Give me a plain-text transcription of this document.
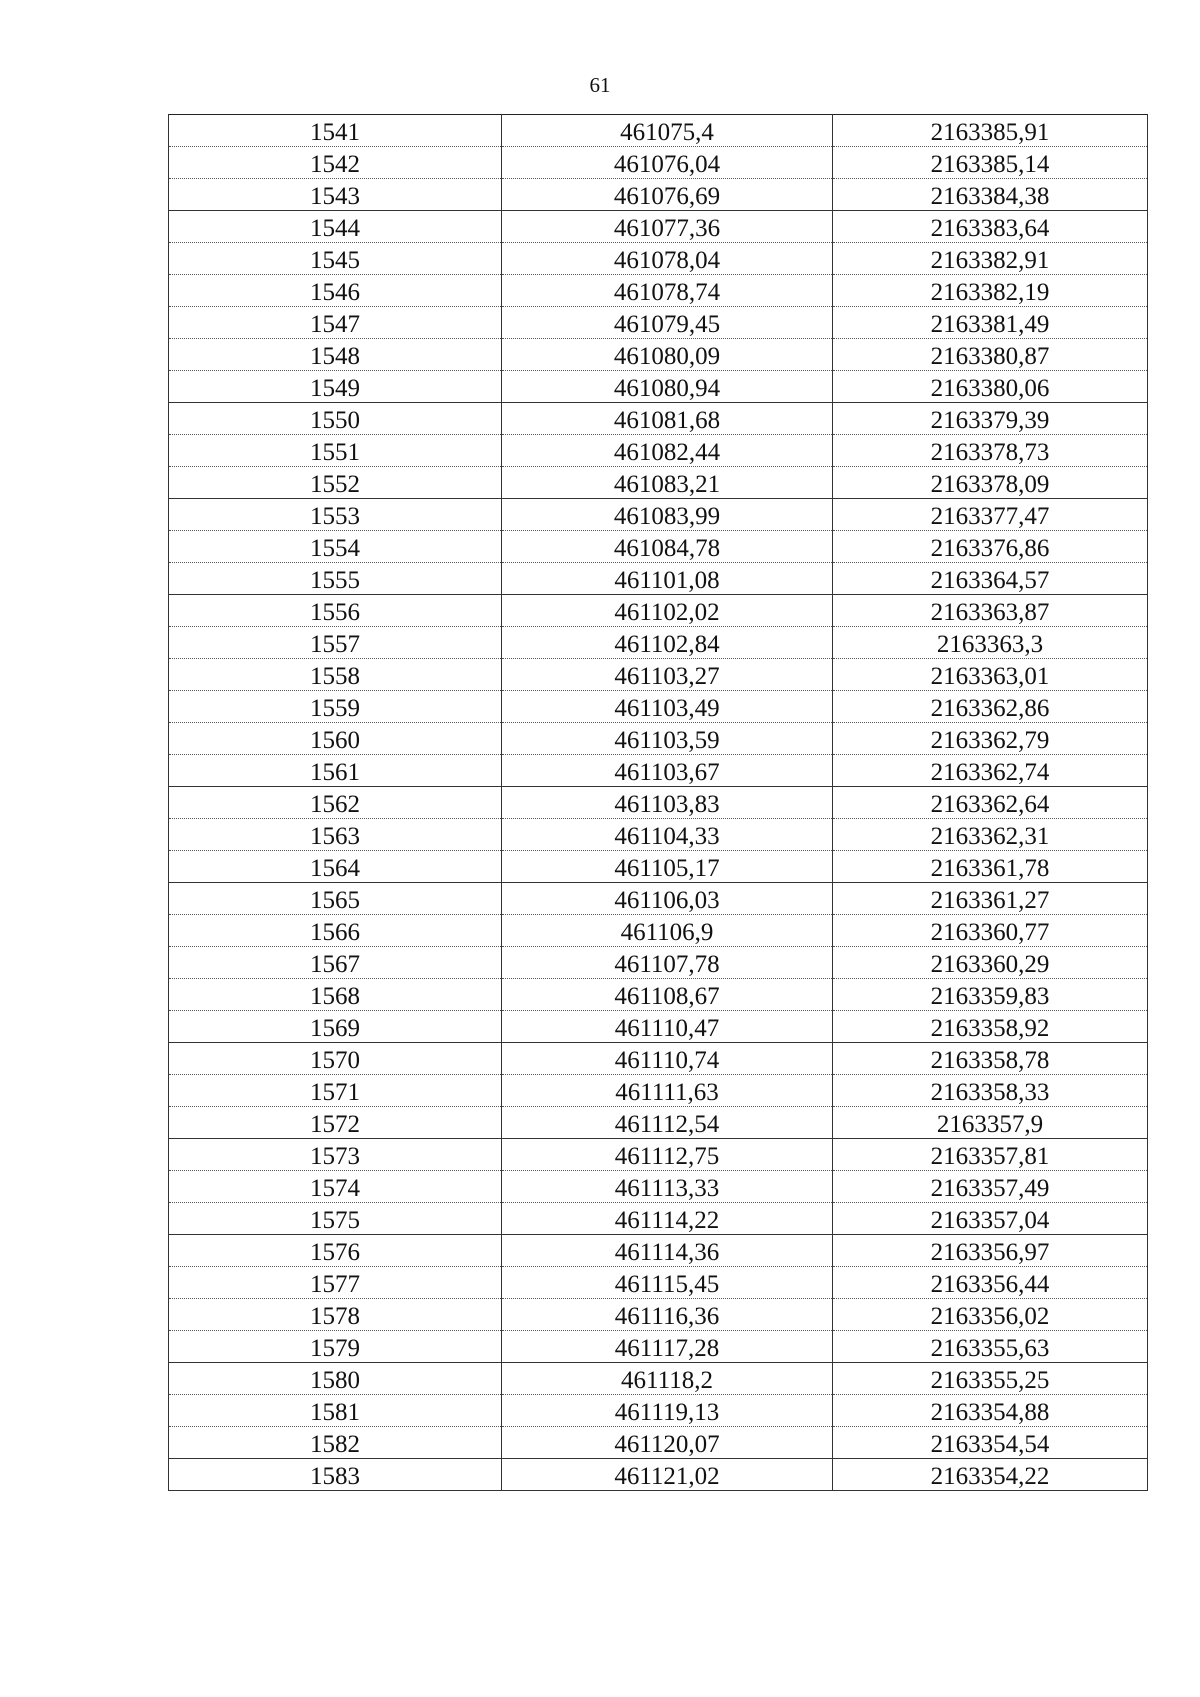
61
1541	461075,4	2163385,91
1542	461076,04	2163385,14
1543	461076,69	2163384,38
1544	461077,36	2163383,64
1545	461078,04	2163382,91
1546	461078,74	2163382,19
1547	461079,45	2163381,49
1548	461080,09	2163380,87
1549	461080,94	2163380,06
1550	461081,68	2163379,39
1551	461082,44	2163378,73
1552	461083,21	2163378,09
1553	461083,99	2163377,47
1554	461084,78	2163376,86
1555	461101,08	2163364,57
1556	461102,02	2163363,87
1557	461102,84	2163363,3
1558	461103,27	2163363,01
1559	461103,49	2163362,86
1560	461103,59	2163362,79
1561	461103,67	2163362,74
1562	461103,83	2163362,64
1563	461104,33	2163362,31
1564	461105,17	2163361,78
1565	461106,03	2163361,27
1566	461106,9	2163360,77
1567	461107,78	2163360,29
1568	461108,67	2163359,83
1569	461110,47	2163358,92
1570	461110,74	2163358,78
1571	461111,63	2163358,33
1572	461112,54	2163357,9
1573	461112,75	2163357,81
1574	461113,33	2163357,49
1575	461114,22	2163357,04
1576	461114,36	2163356,97
1577	461115,45	2163356,44
1578	461116,36	2163356,02
1579	461117,28	2163355,63
1580	461118,2	2163355,25
1581	461119,13	2163354,88
1582	461120,07	2163354,54
1583	461121,02	2163354,22
